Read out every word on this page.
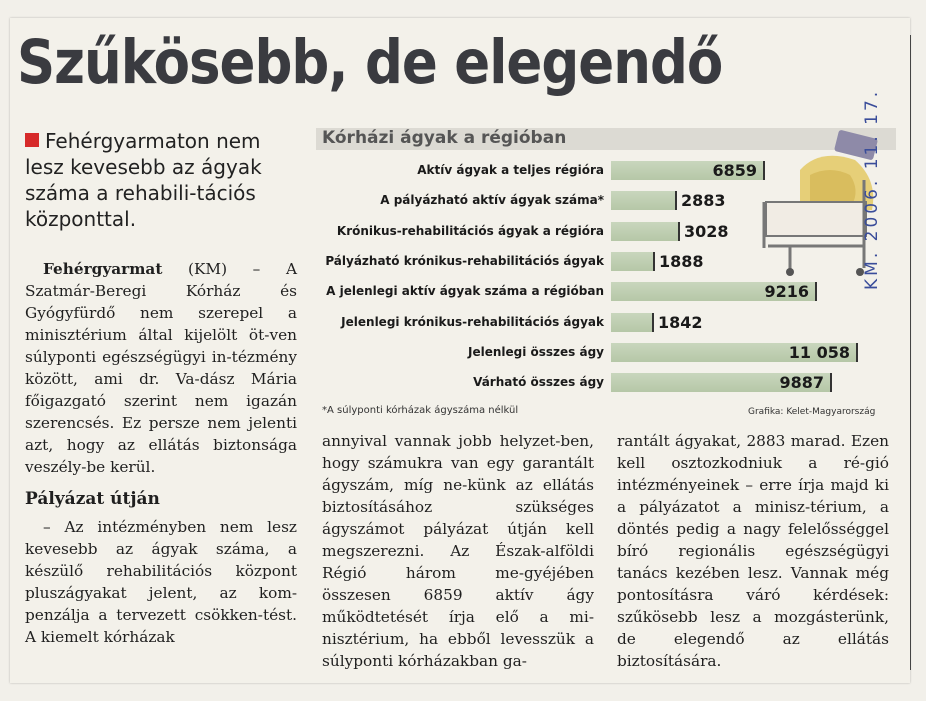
Szűkösebb, de elegendő
Fehérgyarmaton nem lesz kevesebb az ágyak száma a rehabili-tációs központtal.

Fehérgyarmat (KM) – A Szatmár-Beregi Kórház és Gyógyfürdő nem szerepel a minisztérium által kijelölt öt-ven súlyponti egészségügyi in-tézmény között, ami dr. Va-dász Mária főigazgató szerint nem igazán szerencsés. Ez persze nem jelenti azt, hogy az ellátás biztonsága veszély-be kerül.

Pályázat útján

– Az intézményben nem lesz kevesebb az ágyak száma, a készülő rehabilitációs központ pluszágyakat jelent, az kom-penzálja a tervezett csökken-tést. A kiemelt kórházak

annyival vannak jobb helyzet-ben, hogy számukra van egy garantált ágyszám, míg ne-künk az ellátás biztosításához szükséges ágyszámot pályázat útján kell megszerezni. Az Észak-alföldi Régió három me-gyéjében összesen 6859 aktív ágy működtetését írja elő a mi-nisztérium, ha ebből levesszük a súlyponti kórházakban ga-

rantált ágyakat, 2883 marad. Ezen kell osztozkodniuk a ré-gió intézményeinek – erre írja majd ki a pályázatot a minisz-térium, a döntés pedig a nagy felelősséggel bíró regionális egészségügyi tanács kezében lesz. Vannak még pontosításra váró kérdések: szűkösebb lesz a mozgásterünk, de elegendő az ellátás biztosítására.

Kórházi ágyak a régióban
Aktív ágyak a teljes régióra
A pályázható aktív ágyak száma*
Krónikus-rehabilitációs ágyak a régióra
Pályázható krónikus-rehabilitációs ágyak
A jelenlegi aktív ágyak száma a régióban
Jelenlegi krónikus-rehabilitációs ágyak
Jelenlegi összes ágy
Várható összes ágy
6859
2883
3028
1888
9216
1842
11 058
9887
*A súlyponti kórházak ágyszáma nélkül	Grafika: Kelet-Magyarország
KM. 2006. 11. 17.
